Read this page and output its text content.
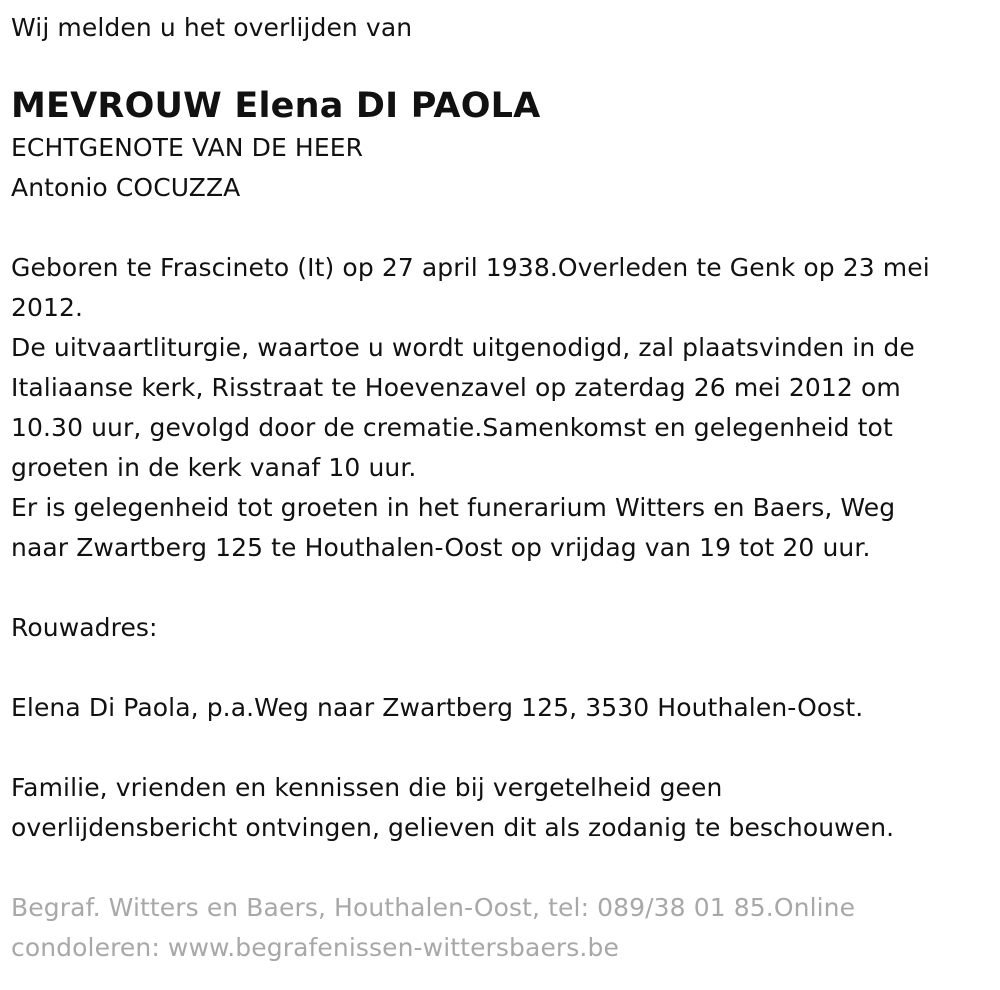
Wij melden u het overlijden van
MEVROUW Elena DI PAOLA
ECHTGENOTE VAN DE HEER
Antonio COCUZZA
Geboren te Frascineto (It) op 27 april 1938.Overleden te Genk op 23 mei
2012.
De uitvaartliturgie, waartoe u wordt uitgenodigd, zal plaatsvinden in de
Italiaanse kerk, Risstraat te Hoevenzavel op zaterdag 26 mei 2012 om
10.30 uur, gevolgd door de crematie.Samenkomst en gelegenheid tot
groeten in de kerk vanaf 10 uur.
Er is gelegenheid tot groeten in het funerarium Witters en Baers, Weg
naar Zwartberg 125 te Houthalen-Oost op vrijdag van 19 tot 20 uur.
Rouwadres:
Elena Di Paola, p.a.Weg naar Zwartberg 125, 3530 Houthalen-Oost.
Familie, vrienden en kennissen die bij vergetelheid geen
overlijdensbericht ontvingen, gelieven dit als zodanig te beschouwen.
Begraf. Witters en Baers, Houthalen-Oost, tel: 089/38 01 85.Online
condoleren: www.begrafenissen-wittersbaers.be
